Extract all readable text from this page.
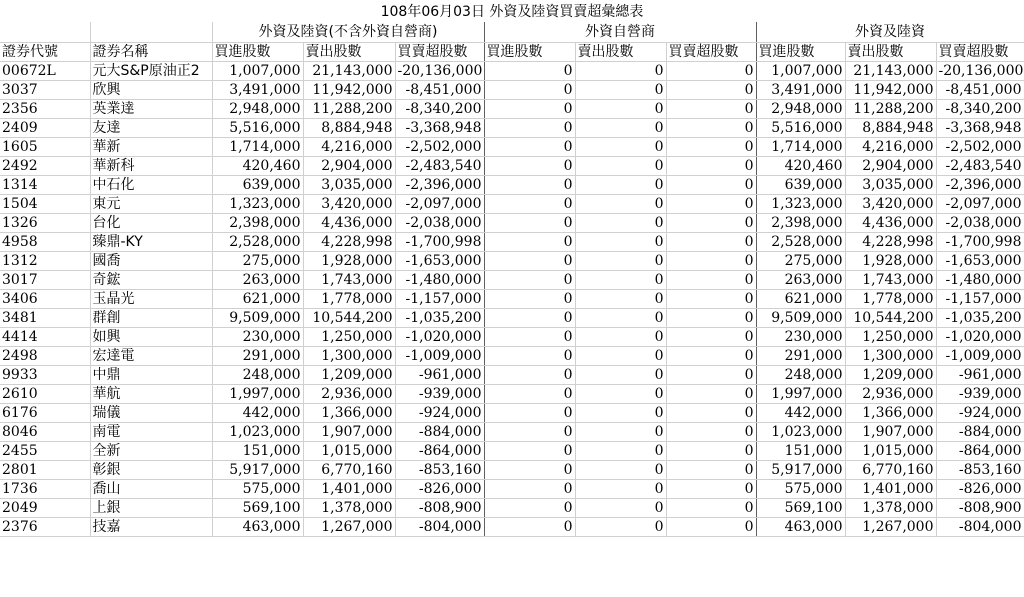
108年06月03日 外資及陸資買賣超彙總表
		外資及陸資(不含外資自營商)			外資自營商			外資及陸資		
證券代號	證券名稱	買進股數	賣出股數	買賣超股數	買進股數	賣出股數	買賣超股數	買進股數	賣出股數	買賣超股數
00672L	元大S&P原油正2	1,007,000	21,143,000	-20,136,000	0	0	0	1,007,000	21,143,000	-20,136,000
3037	欣興	3,491,000	11,942,000	-8,451,000	0	0	0	3,491,000	11,942,000	-8,451,000
2356	英業達	2,948,000	11,288,200	-8,340,200	0	0	0	2,948,000	11,288,200	-8,340,200
2409	友達	5,516,000	8,884,948	-3,368,948	0	0	0	5,516,000	8,884,948	-3,368,948
1605	華新	1,714,000	4,216,000	-2,502,000	0	0	0	1,714,000	4,216,000	-2,502,000
2492	華新科	420,460	2,904,000	-2,483,540	0	0	0	420,460	2,904,000	-2,483,540
1314	中石化	639,000	3,035,000	-2,396,000	0	0	0	639,000	3,035,000	-2,396,000
1504	東元	1,323,000	3,420,000	-2,097,000	0	0	0	1,323,000	3,420,000	-2,097,000
1326	台化	2,398,000	4,436,000	-2,038,000	0	0	0	2,398,000	4,436,000	-2,038,000
4958	臻鼎-KY	2,528,000	4,228,998	-1,700,998	0	0	0	2,528,000	4,228,998	-1,700,998
1312	國喬	275,000	1,928,000	-1,653,000	0	0	0	275,000	1,928,000	-1,653,000
3017	奇鋐	263,000	1,743,000	-1,480,000	0	0	0	263,000	1,743,000	-1,480,000
3406	玉晶光	621,000	1,778,000	-1,157,000	0	0	0	621,000	1,778,000	-1,157,000
3481	群創	9,509,000	10,544,200	-1,035,200	0	0	0	9,509,000	10,544,200	-1,035,200
4414	如興	230,000	1,250,000	-1,020,000	0	0	0	230,000	1,250,000	-1,020,000
2498	宏達電	291,000	1,300,000	-1,009,000	0	0	0	291,000	1,300,000	-1,009,000
9933	中鼎	248,000	1,209,000	-961,000	0	0	0	248,000	1,209,000	-961,000
2610	華航	1,997,000	2,936,000	-939,000	0	0	0	1,997,000	2,936,000	-939,000
6176	瑞儀	442,000	1,366,000	-924,000	0	0	0	442,000	1,366,000	-924,000
8046	南電	1,023,000	1,907,000	-884,000	0	0	0	1,023,000	1,907,000	-884,000
2455	全新	151,000	1,015,000	-864,000	0	0	0	151,000	1,015,000	-864,000
2801	彰銀	5,917,000	6,770,160	-853,160	0	0	0	5,917,000	6,770,160	-853,160
1736	喬山	575,000	1,401,000	-826,000	0	0	0	575,000	1,401,000	-826,000
2049	上銀	569,100	1,378,000	-808,900	0	0	0	569,100	1,378,000	-808,900
2376	技嘉	463,000	1,267,000	-804,000	0	0	0	463,000	1,267,000	-804,000
